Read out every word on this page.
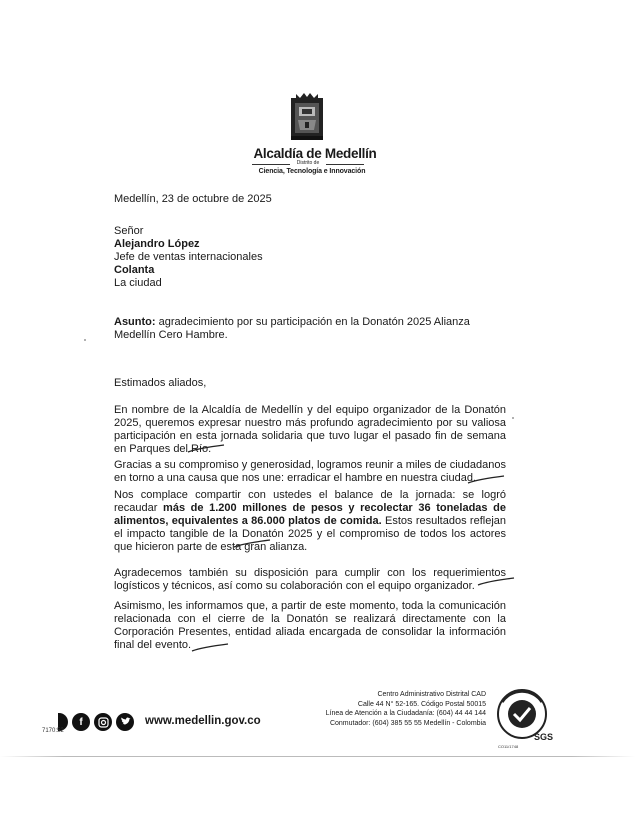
Alcaldía de Medellín
Distrito de
Ciencia, Tecnología e Innovación
Medellín, 23 de octubre de 2025
Señor
Alejandro López
Jefe de ventas internacionales
Colanta
La ciudad
Asunto: agradecimiento por su participación en la Donatón 2025 Alianza Medellín Cero Hambre.
Estimados aliados,
En nombre de la Alcaldía de Medellín y del equipo organizador de la Donatón 2025, queremos expresar nuestro más profundo agradecimiento por su valiosa participación en esta jornada solidaria que tuvo lugar el pasado fin de semana en Parques del Río.
Gracias a su compromiso y generosidad, logramos reunir a miles de ciudadanos en torno a una causa que nos une: erradicar el hambre en nuestra ciudad.
Nos complace compartir con ustedes el balance de la jornada: se logró recaudar más de 1.200 millones de pesos y recolectar 36 toneladas de alimentos, equivalentes a 86.000 platos de comida. Estos resultados reflejan el impacto tangible de la Donatón 2025 y el compromiso de todos los actores que hicieron parte de esta gran alianza.
Agradecemos también su disposición para cumplir con los requerimientos logísticos y técnicos, así como su colaboración con el equipo organizador.
Asimismo, les informamos que, a partir de este momento, toda la comunicación relacionada con el cierre de la Donatón se realizará directamente con la Corporación Presentes, entidad aliada encargada de consolidar la información final del evento.
f	www.medellin.gov.co
7170:52
Centro Administrativo Distrital CAD
Calle 44 N° 52-165. Código Postal 50015
Línea de Atención a la Ciudadanía: (604) 44 44 144
Conmutador: (604) 385 55 55 Medellín - Colombia
SGS
CO11/1748
